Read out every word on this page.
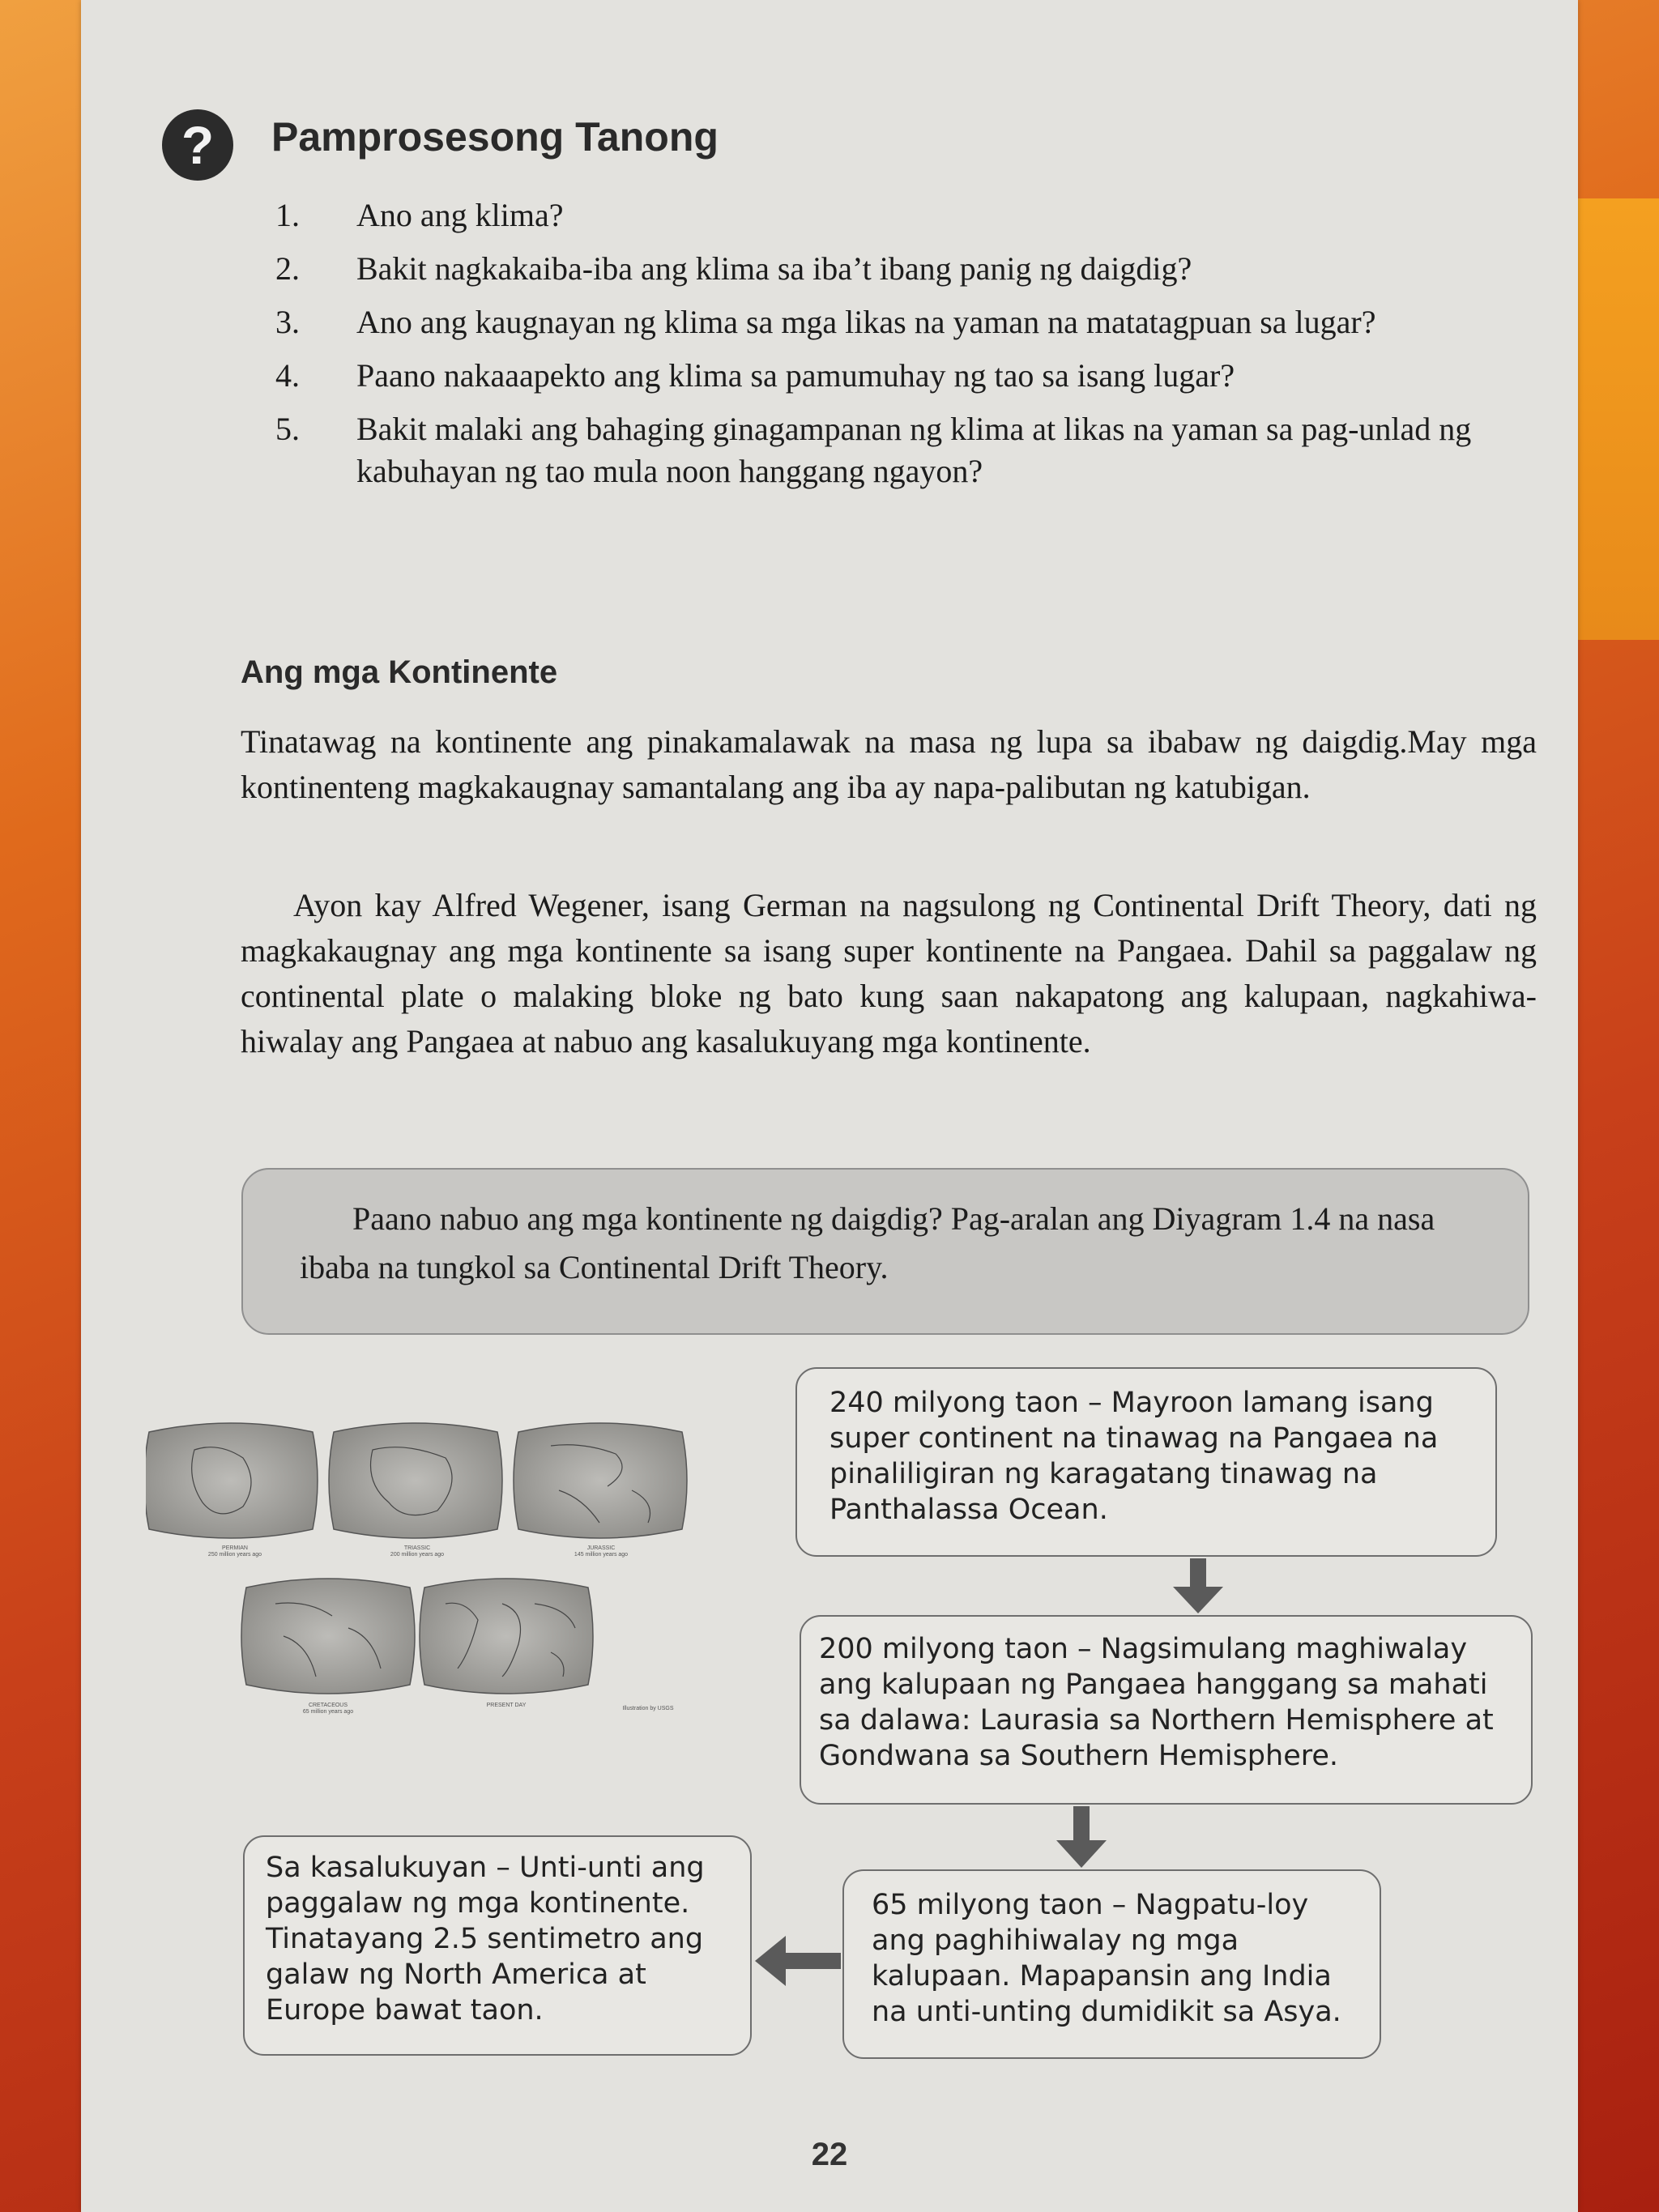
?	Pamprosesong Tanong
1. Ano ang klima?
2. Bakit nagkakaiba-iba ang klima sa iba’t ibang panig ng daigdig?
3. Ano ang kaugnayan ng klima sa mga likas na yaman na matatagpuan sa lugar?
4. Paano nakaaapekto ang klima sa pamumuhay ng tao sa isang lugar?
5. Bakit malaki ang bahaging ginagampanan ng klima at likas na yaman sa pag-unlad ng kabuhayan ng tao mula noon hanggang ngayon?
Ang mga Kontinente

Tinatawag na kontinente ang pinakamalawak na masa ng lupa sa ibabaw ng daigdig.May mga kontinenteng magkakaugnay samantalang ang iba ay napa-palibutan ng katubigan.

Ayon kay Alfred Wegener, isang German na nagsulong ng Continental Drift Theory, dati ng magkakaugnay ang mga kontinente sa isang super kontinente na Pangaea. Dahil sa paggalaw ng continental plate o malaking bloke ng bato kung saan nakapatong ang kalupaan, nagkahiwa-hiwalay ang Pangaea at nabuo ang kasalukuyang mga kontinente.

Paano nabuo ang mga kontinente ng daigdig? Pag-aralan ang Diyagram 1.4 na nasa ibaba na tungkol sa Continental Drift Theory.

PERMIAN
250 million years ago
TRIASSIC
200 million years ago
JURASSIC
145 million years ago
CRETACEOUS
65 million years ago
PRESENT DAY

Illustration by USGS
240 milyong taon – Mayroon lamang isang super continent na tinawag na Pangaea na pinaliligiran ng karagatang tinawag na Panthalassa Ocean.
200 milyong taon – Nagsimulang maghiwalay ang kalupaan ng Pangaea hanggang sa mahati sa dalawa: Laurasia sa Northern Hemisphere at Gondwana sa Southern Hemisphere.
65 milyong taon – Nagpatu-loy ang paghihiwalay ng mga kalupaan. Mapapansin ang India na unti-unting dumidikit sa Asya.
Sa kasalukuyan – Unti-unti ang paggalaw ng mga kontinente. Tinatayang 2.5 sentimetro ang galaw ng North America at Europe bawat taon.
22
